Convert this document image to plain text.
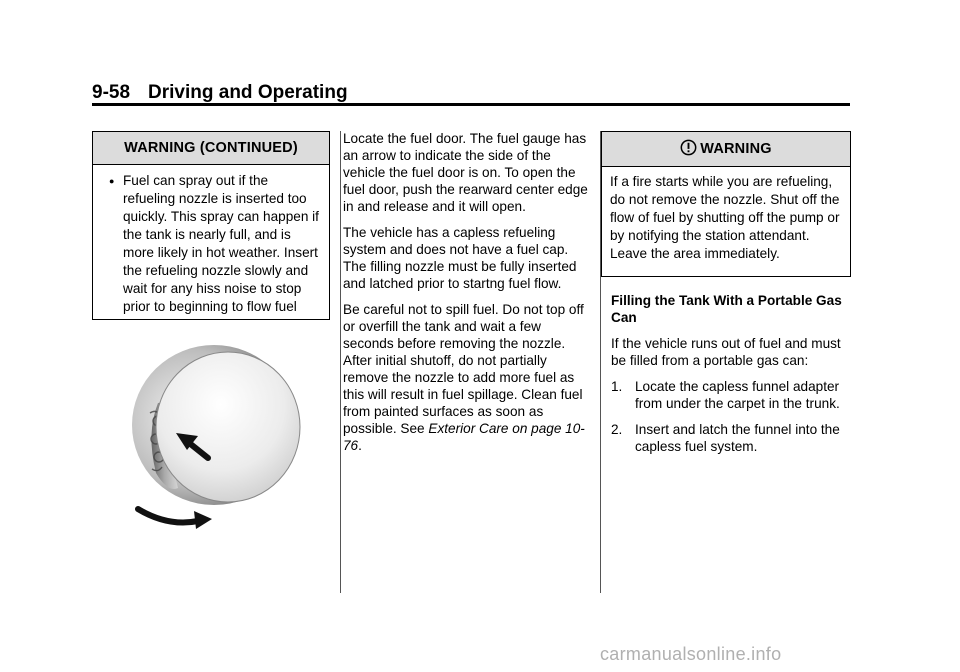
9-58 Driving and Operating
WARNING (CONTINUED)
● Fuel can spray out if the refueling nozzle is inserted too quickly. This spray can happen if the tank is nearly full, and is more likely in hot weather. Insert the refueling nozzle slowly and wait for any hiss noise to stop prior to beginning to flow fuel

Locate the fuel door. The fuel gauge has an arrow to indicate the side of the vehicle the fuel door is on. To open the fuel door, push the rearward center edge in and release and it will open.

The vehicle has a capless refueling system and does not have a fuel cap. The filling nozzle must be fully inserted and latched prior to startng fuel flow.

Be careful not to spill fuel. Do not top off or overfill the tank and wait a few seconds before removing the nozzle. After initial shutoff, do not partially remove the nozzle to add more fuel as this will result in fuel spillage. Clean fuel from painted surfaces as soon as possible. See Exterior Care on page 10-76.

WARNING
If a fire starts while you are refueling, do not remove the nozzle. Shut off the flow of fuel by shutting off the pump or by notifying the station attendant. Leave the area immediately.

Filling the Tank With a Portable Gas Can

If the vehicle runs out of fuel and must be filled from a portable gas can:

1. Locate the capless funnel adapter from under the carpet in the trunk.
2. Insert and latch the funnel into the capless fuel system.
carmanualsonline.info
